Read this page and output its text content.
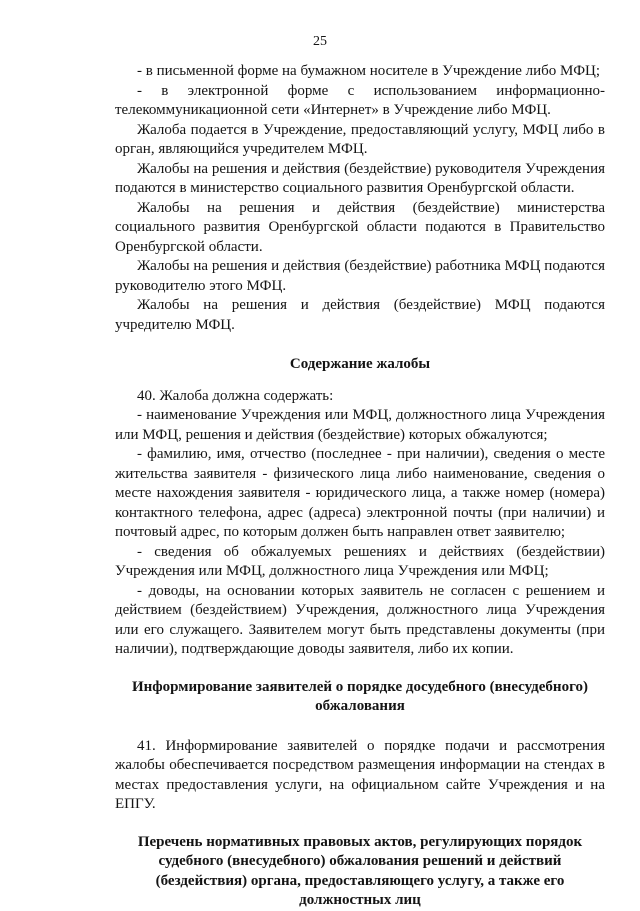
25

- в письменной форме на бумажном носителе в Учреждение либо МФЦ;

- в электронной форме с использованием информационно-телекоммуникационной сети «Интернет» в Учреждение либо МФЦ.

Жалоба подается в Учреждение, предоставляющий услугу, МФЦ либо в орган, являющийся учредителем МФЦ.

Жалобы на решения и действия (бездействие) руководителя Учреждения подаются в министерство социального развития Оренбургской области.

Жалобы на решения и действия (бездействие) министерства социального развития Оренбургской области подаются в Правительство Оренбургской области.

Жалобы на решения и действия (бездействие) работника МФЦ подаются руководителю этого МФЦ.

Жалобы на решения и действия (бездействие) МФЦ подаются учредителю МФЦ.

Содержание жалобы

40. Жалоба должна содержать:

- наименование Учреждения или МФЦ, должностного лица Учреждения или МФЦ, решения и действия (бездействие) которых обжалуются;

- фамилию, имя, отчество (последнее - при наличии), сведения о месте жительства заявителя - физического лица либо наименование, сведения о месте нахождения заявителя - юридического лица, а также номер (номера) контактного телефона, адрес (адреса) электронной почты (при наличии) и почтовый адрес, по которым должен быть направлен ответ заявителю;

- сведения об обжалуемых решениях и действиях (бездействии) Учреждения или МФЦ, должностного лица Учреждения или МФЦ;

- доводы, на основании которых заявитель не согласен с решением и действием (бездействием) Учреждения, должностного лица Учреждения или его служащего. Заявителем могут быть представлены документы (при наличии), подтверждающие доводы заявителя, либо их копии.

Информирование заявителей о порядке досудебного (внесудебного) обжалования

41. Информирование заявителей о порядке подачи и рассмотрения жалобы обеспечивается посредством размещения информации на стендах в местах предоставления услуги, на официальном сайте Учреждения и на ЕПГУ.

Перечень нормативных правовых актов, регулирующих порядок судебного (внесудебного) обжалования решений и действий (бездействия) органа, предоставляющего услугу, а также его должностных лиц
